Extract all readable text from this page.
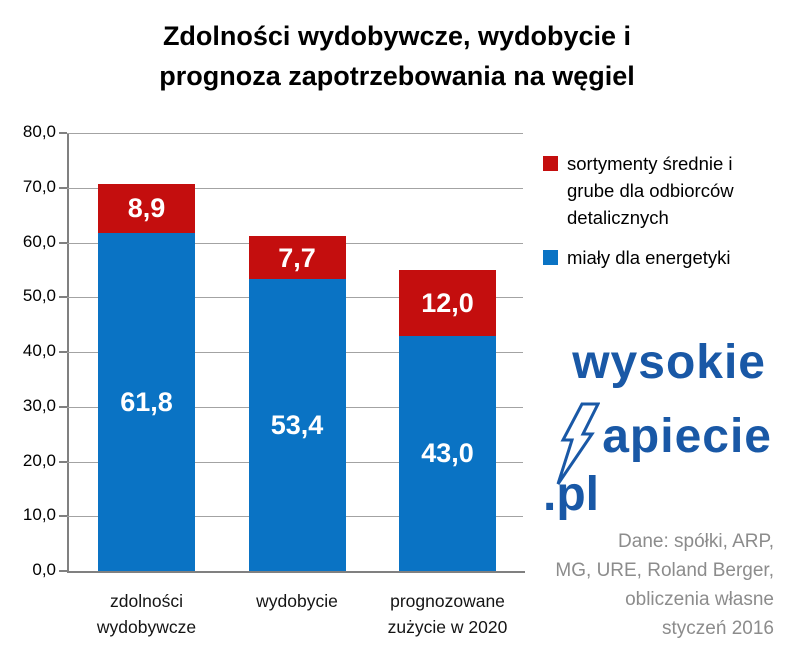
Zdolności wydobywcze, wydobycie i
prognoza zapotrzebowania na węgiel
sortymenty średnie i grube dla odbiorców detalicznych
miały dla energetyki
wysokie
apiecie
.pl
Dane: spółki, ARP,
MG, URE, Roland Berger,
obliczenia własne
styczeń 2016
80,0
70,0
60,0
50,0
40,0
30,0
20,0
10,0
0,0
61,8
8,9
zdolności wydobywcze
53,4
7,7
wydobycie
43,0
12,0
prognozowane zużycie w 2020
